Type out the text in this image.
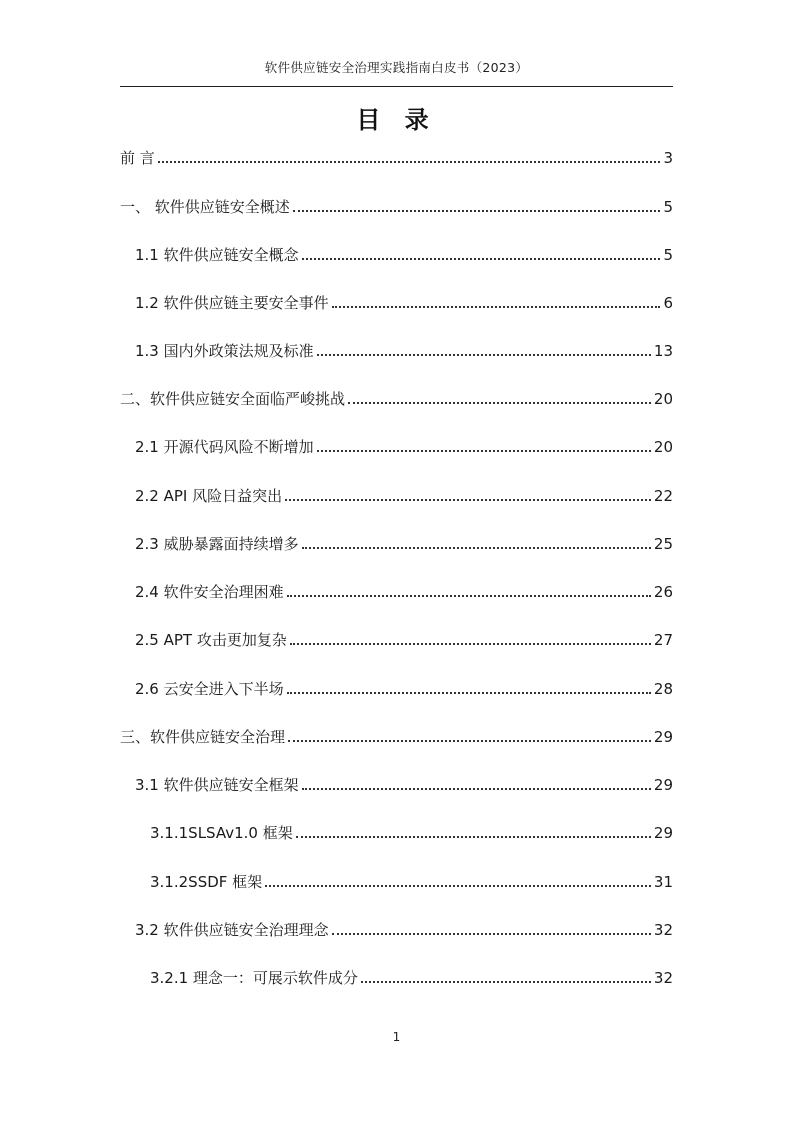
软件供应链安全治理实践指南白皮书（2023）
目 录
前 言	3
一、 软件供应链安全概述	5
1.1 软件供应链安全概念	5
1.2 软件供应链主要安全事件	6
1.3 国内外政策法规及标准	13
二、软件供应链安全面临严峻挑战	20
2.1 开源代码风险不断增加	20
2.2 API 风险日益突出	22
2.3 威胁暴露面持续增多	25
2.4 软件安全治理困难	26
2.5 APT 攻击更加复杂	27
2.6 云安全进入下半场	28
三、软件供应链安全治理	29
3.1 软件供应链安全框架	29
3.1.1SLSAv1.0 框架	29
3.1.2SSDF 框架	31
3.2 软件供应链安全治理理念	32
3.2.1 理念一：可展示软件成分	32
1
